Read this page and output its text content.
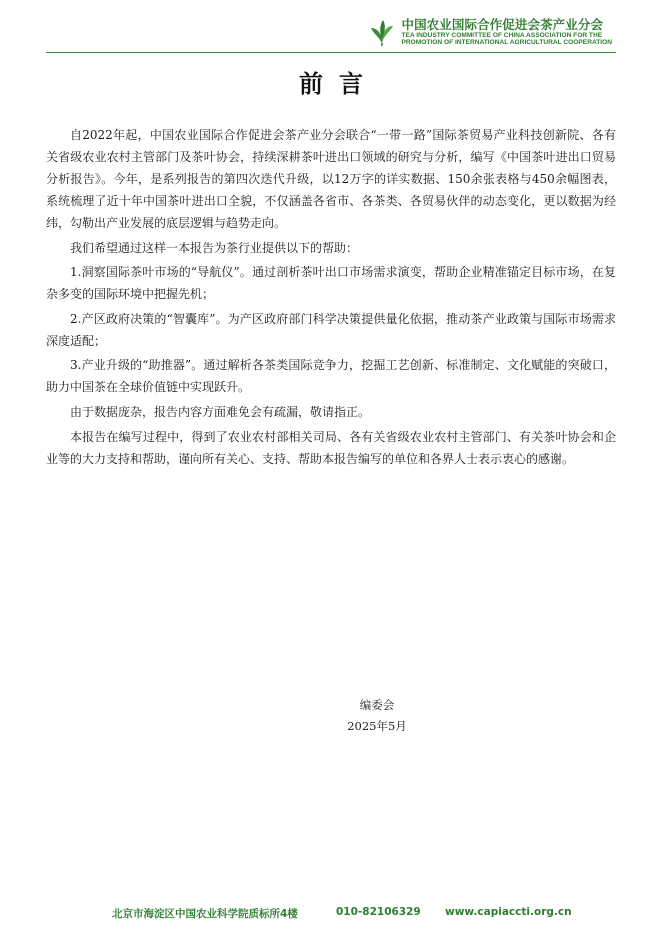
中国农业国际合作促进会茶产业分会
TEA INDUSTRY COMMITTEE OF CHINA ASSOCIATION FOR THE
PROMOTION OF INTERNATIONAL AGRICULTURAL COOPERATION
前言

自2022年起，中国农业国际合作促进会茶产业分会联合“一带一路”国际茶贸易产业科技创新院、各有关省级农业农村主管部门及茶叶协会，持续深耕茶叶进出口领域的研究与分析，编写《中国茶叶进出口贸易分析报告》。今年，是系列报告的第四次迭代升级，以12万字的详实数据、150余张表格与450余幅图表，系统梳理了近十年中国茶叶进出口全貌，不仅涵盖各省市、各茶类、各贸易伙伴的动态变化，更以数据为经纬，勾勒出产业发展的底层逻辑与趋势走向。

我们希望通过这样一本报告为茶行业提供以下的帮助：

1.洞察国际茶叶市场的“导航仪”。通过剖析茶叶出口市场需求演变，帮助企业精准锚定目标市场，在复杂多变的国际环境中把握先机；

2.产区政府决策的“智囊库”。为产区政府部门科学决策提供量化依据，推动茶产业政策与国际市场需求深度适配；

3.产业升级的“助推器”。通过解析各茶类国际竞争力，挖掘工艺创新、标准制定、文化赋能的突破口，助力中国茶在全球价值链中实现跃升。

由于数据庞杂，报告内容方面难免会有疏漏，敬请指正。

本报告在编写过程中，得到了农业农村部相关司局、各有关省级农业农村主管部门、有关茶叶协会和企业等的大力支持和帮助，谨向所有关心、支持、帮助本报告编写的单位和各界人士表示衷心的感谢。

编委会
2025年5月
北京市海淀区中国农业科学院质标所4楼	010-82106329 www.capiaccti.org.cn
